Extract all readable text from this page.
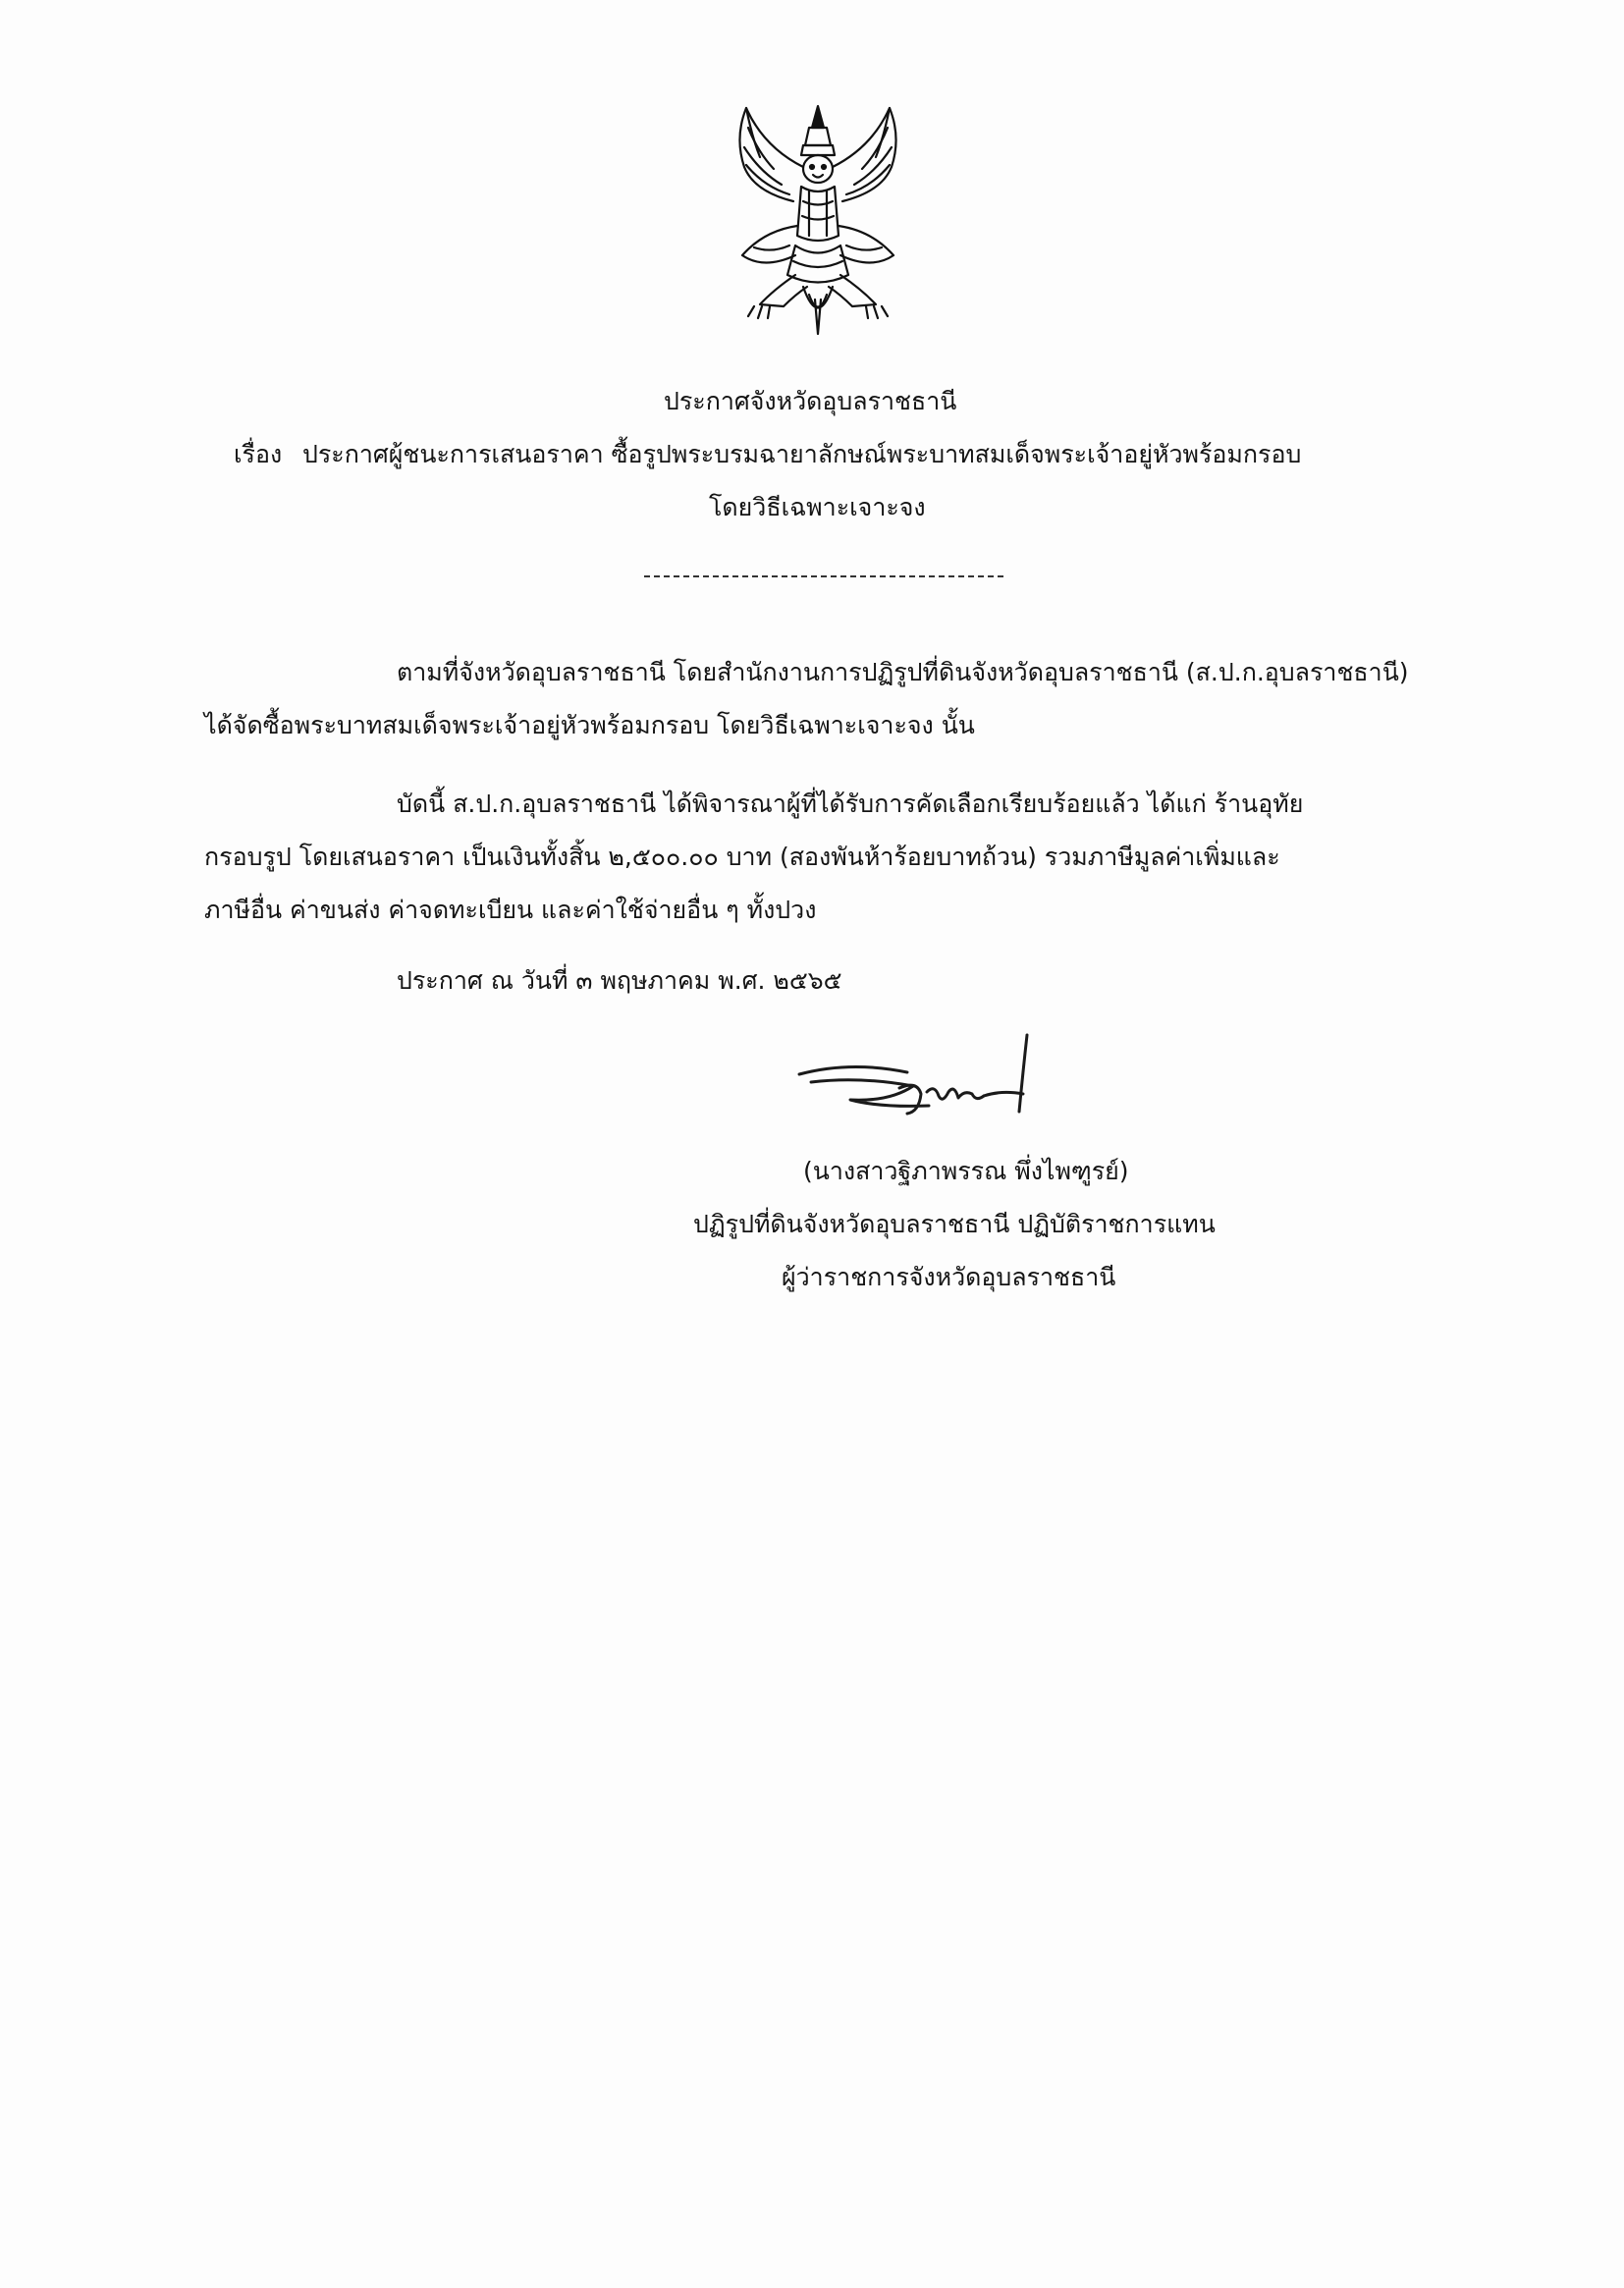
ประกาศจังหวัดอุบลราชธานี
เรื่อง ประกาศผู้ชนะการเสนอราคา ซื้อรูปพระบรมฉายาลักษณ์พระบาทสมเด็จพระเจ้าอยู่หัวพร้อมกรอบ
โดยวิธีเฉพาะเจาะจง
ตามที่จังหวัดอุบลราชธานี โดยสำนักงานการปฏิรูปที่ดินจังหวัดอุบลราชธานี (ส.ป.ก.อุบลราชธานี)
ได้จัดซื้อพระบาทสมเด็จพระเจ้าอยู่หัวพร้อมกรอบ โดยวิธีเฉพาะเจาะจง นั้น
บัดนี้ ส.ป.ก.อุบลราชธานี ได้พิจารณาผู้ที่ได้รับการคัดเลือกเรียบร้อยแล้ว ได้แก่ ร้านอุทัย
กรอบรูป โดยเสนอราคา เป็นเงินทั้งสิ้น ๒,๕๐๐.๐๐ บาท (สองพันห้าร้อยบาทถ้วน) รวมภาษีมูลค่าเพิ่มและ
ภาษีอื่น ค่าขนส่ง ค่าจดทะเบียน และค่าใช้จ่ายอื่น ๆ ทั้งปวง
ประกาศ ณ วันที่ ๓ พฤษภาคม พ.ศ. ๒๕๖๕
(นางสาวฐิภาพรรณ พึ่งไพฑูรย์)
ปฏิรูปที่ดินจังหวัดอุบลราชธานี ปฏิบัติราชการแทน
ผู้ว่าราชการจังหวัดอุบลราชธานี
